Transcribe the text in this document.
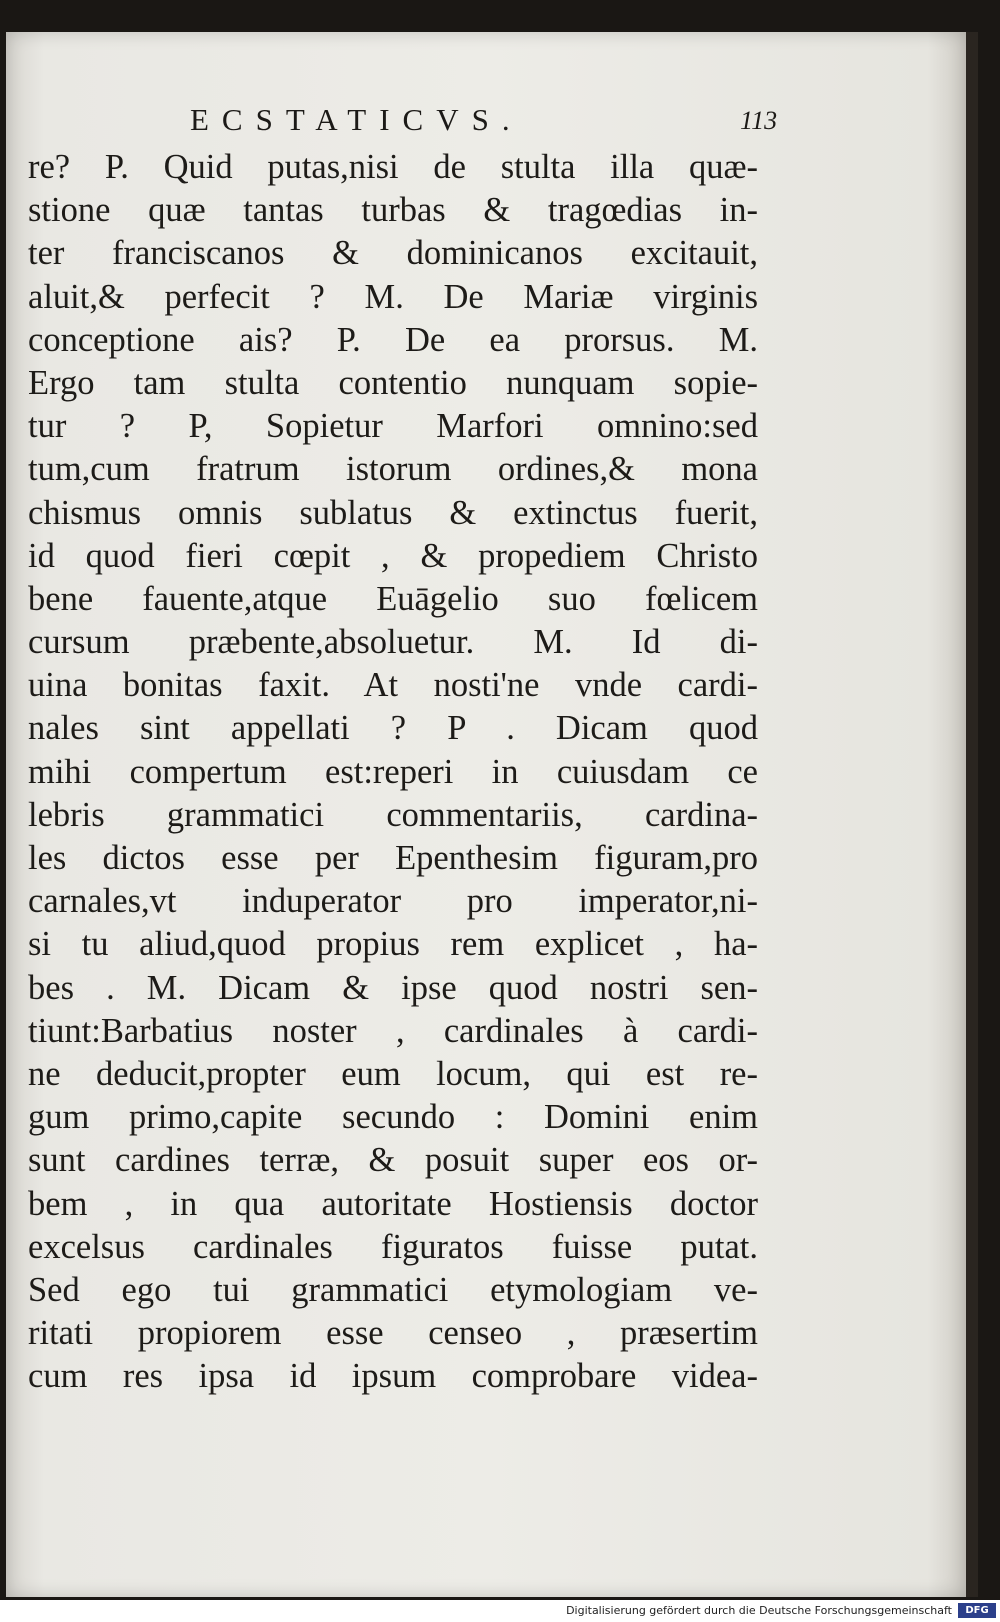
ECSTATICVS.	113
re? P. Quid putas,nisi de stulta illa quæ-
stione quæ tantas turbas & tragœdias in-
ter franciscanos & dominicanos excitauit,
aluit,& perfecit ? M. De Mariæ virginis
conceptione ais? P. De ea prorsus. M.
Ergo tam stulta contentio nunquam sopie-
tur ? P, Sopietur Marfori omnino:sed
tum,cum fratrum istorum ordines,& mona
chismus omnis sublatus & extinctus fuerit,
id quod fieri cœpit , & propediem Christo
bene fauente,atque Euāgelio suo fœlicem
cursum præbente,absoluetur. M. Id di-
uina bonitas faxit. At nosti'ne vnde cardi-
nales sint appellati ? P . Dicam quod
mihi compertum est:reperi in cuiusdam ce
lebris grammatici commentariis, cardina-
les dictos esse per Epenthesim figuram,pro
carnales,vt induperator pro imperator,ni-
si tu aliud,quod propius rem explicet , ha-
bes . M. Dicam & ipse quod nostri sen-
tiunt:Barbatius noster , cardinales à cardi-
ne deducit,propter eum locum, qui est re-
gum primo,capite secundo : Domini enim
sunt cardines terræ, & posuit super eos or-
bem , in qua autoritate Hostiensis doctor
excelsus cardinales figuratos fuisse putat.
Sed ego tui grammatici etymologiam ve-
ritati propiorem esse censeo , præsertim
cum res ipsa id ipsum comprobare videa-
Digitalisierung gefördert durch die Deutsche Forschungsgemeinschaft	DFG
